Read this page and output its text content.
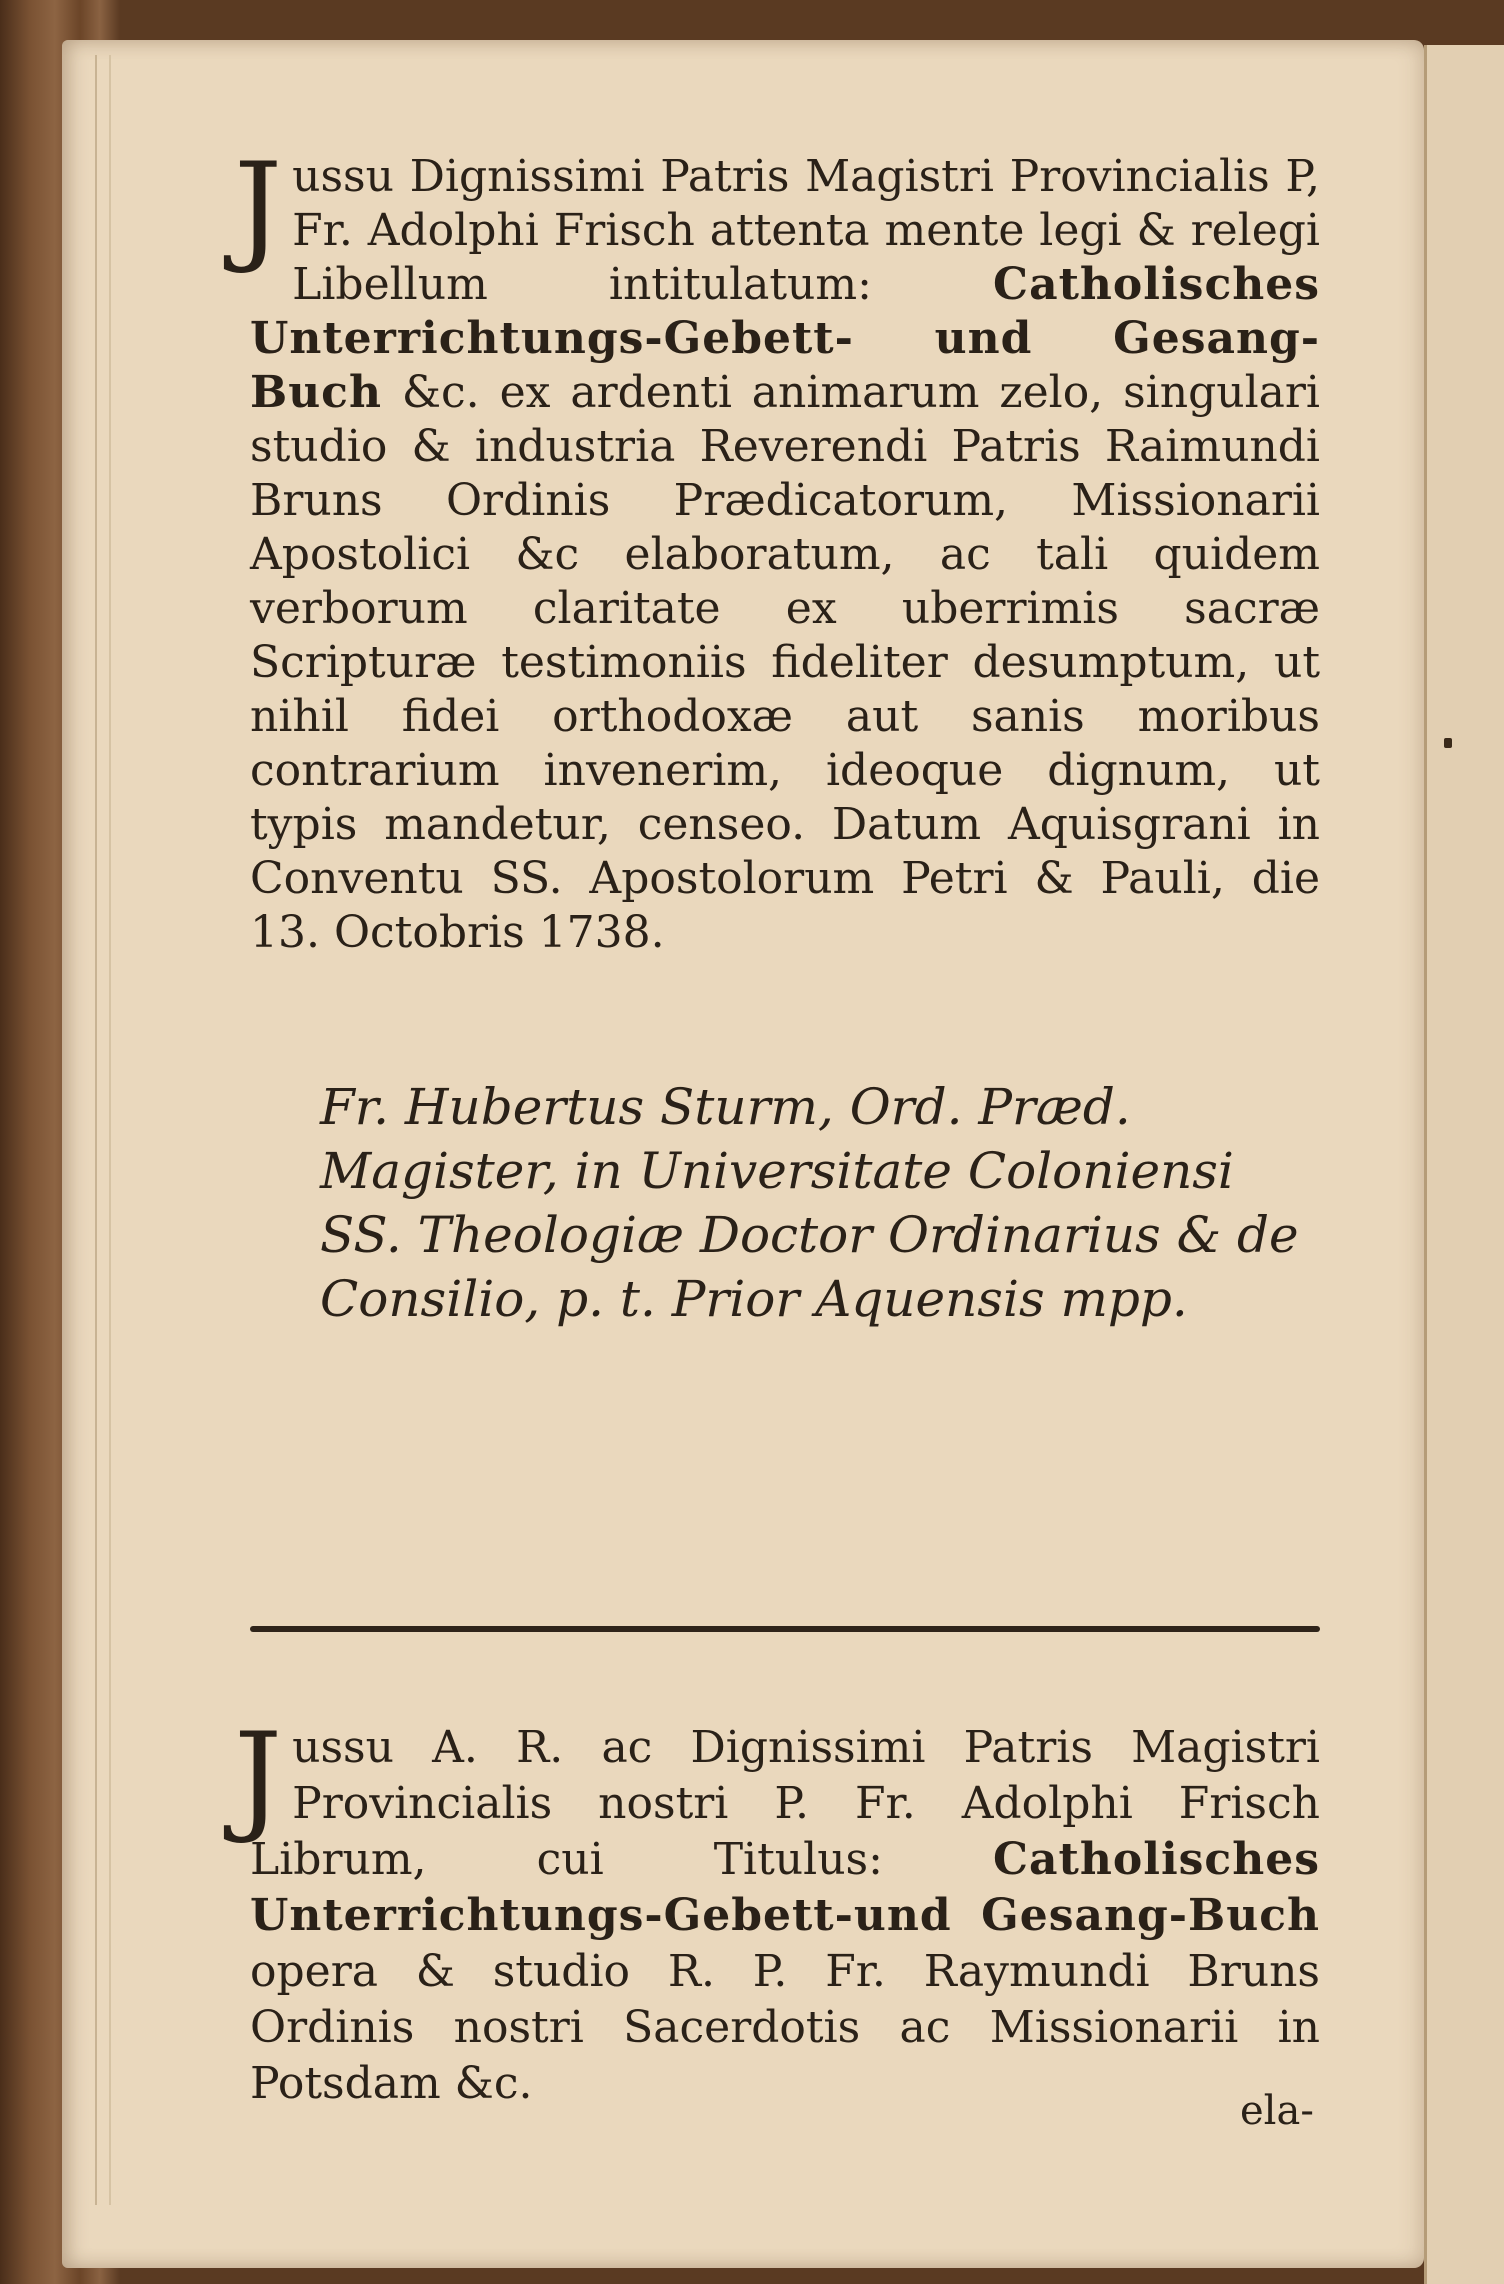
J ussu Dignissimi Patris Magistri Provincialis P, Fr. Adolphi Frisch attenta mente legi & relegi Libellum intitulatum:	Catholisches Unterrichtungs-Gebett- und Gesang-Buch &c. ex ardenti animarum zelo, singulari studio & industria Reverendi Patris Raimundi Bruns Ordinis Prædicatorum, Missionarii Apostolici &c elaboratum, ac tali quidem verborum claritate ex uberrimis sacræ Scripturæ testimoniis fideliter desumptum, ut nihil fidei orthodoxæ aut sanis moribus contrarium invenerim, ideoque dignum, ut typis mandetur, censeo. Datum Aquisgrani in Conventu SS. Apostolorum Petri & Pauli, die 13. Octobris 1738.
Fr. Hubertus Sturm, Ord. Præd. Magister, in Universitate Coloniensi SS. Theologiæ Doctor Ordinarius & de Consilio, p. t. Prior Aquensis mpp.
J ussu A. R. ac Dignissimi Patris Magistri Provincialis nostri P. Fr. Adolphi Frisch Librum, cui Titulus:	Catholisches Unterrichtungs-Gebett-und Gesang-Buch opera & studio R. P. Fr. Raymundi Bruns Ordinis nostri Sacerdotis ac Missionarii in Potsdam &c.
ela-
